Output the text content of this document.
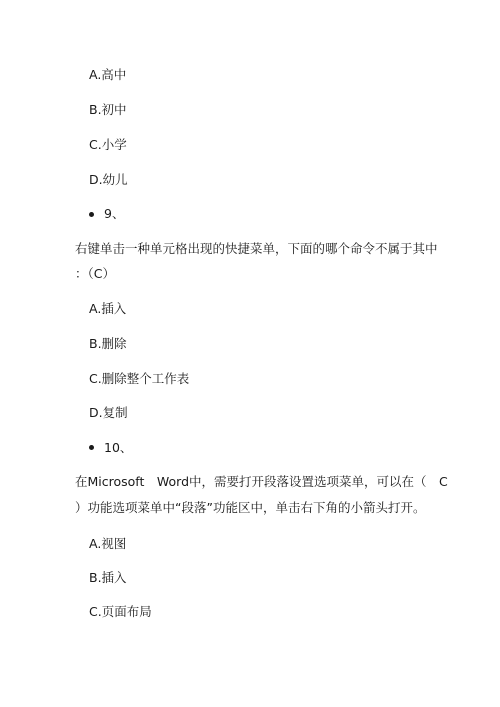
A.高中
B.初中
C.小学
D.幼儿
9、
右键单击一种单元格出现的快捷菜单，下面的哪个命令不属于其中
：（C）
A.插入
B.删除
C.删除整个工作表
D.复制
10、
在Microsoft　Word中，需要打开段落设置选项菜单，可以在（　C
）功能选项菜单中“段落”功能区中，单击右下角的小箭头打开。
A.视图
B.插入
C.页面布局
